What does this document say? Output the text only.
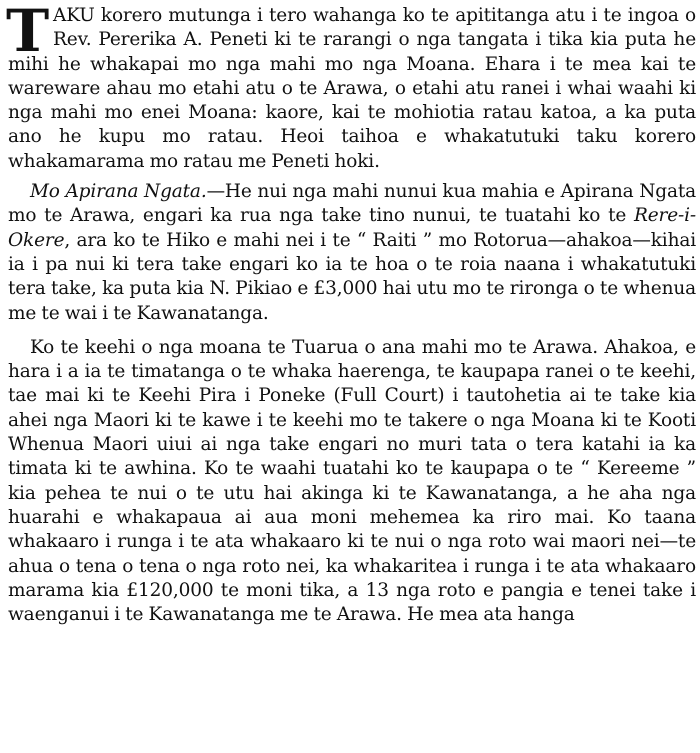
TAKU korero mutunga i tero wahanga ko te apititanga atu i te ingoa o Rev. Pererika A. Peneti ki te rarangi o nga tangata i tika kia puta he mihi he whakapai mo nga mahi mo nga Moana. Ehara i te mea kai te wareware ahau mo etahi atu o te Arawa, o etahi atu ranei i whai waahi ki nga mahi mo enei Moana: kaore, kai te mohiotia ratau katoa, a ka puta ano he kupu mo ratau. Heoi taihoa e whakatutuki taku korero whakamarama mo ratau me Peneti hoki.

Mo Apirana Ngata.—He nui nga mahi nunui kua mahia e Apirana Ngata mo te Arawa, engari ka rua nga take tino nunui, te tuatahi ko te Rere-i-Okere, ara ko te Hiko e mahi nei i te “ Raiti ” mo Rotorua—ahakoa—kihai ia i pa nui ki tera take engari ko ia te hoa o te roia naana i whakatutuki tera take, ka puta kia N. Pikiao e £3,000 hai utu mo te rironga o te whenua me te wai i te Kawanatanga.

Ko te keehi o nga moana te Tuarua o ana mahi mo te Arawa. Ahakoa, e hara i a ia te timatanga o te whaka haerenga, te kaupapa ranei o te keehi, tae mai ki te Keehi Pira i Poneke (Full Court) i tautohetia ai te take kia ahei nga Maori ki te kawe i te keehi mo te takere o nga Moana ki te Kooti Whenua Maori uiui ai nga take engari no muri tata o tera katahi ia ka timata ki te awhina. Ko te waahi tuatahi ko te kaupapa o te “ Kereeme ” kia pehea te nui o te utu hai akinga ki te Kawanatanga, a he aha nga huarahi e whakapaua ai aua moni mehemea ka riro mai. Ko taana whakaaro i runga i te ata whakaaro ki te nui o nga roto wai maori nei—te ahua o tena o tena o nga roto nei, ka whakaritea i runga i te ata whakaaro marama kia £120,000 te moni tika, a 13 nga roto e pangia e tenei take i waenganui i te Kawanatanga me te Arawa. He mea ata hanga
